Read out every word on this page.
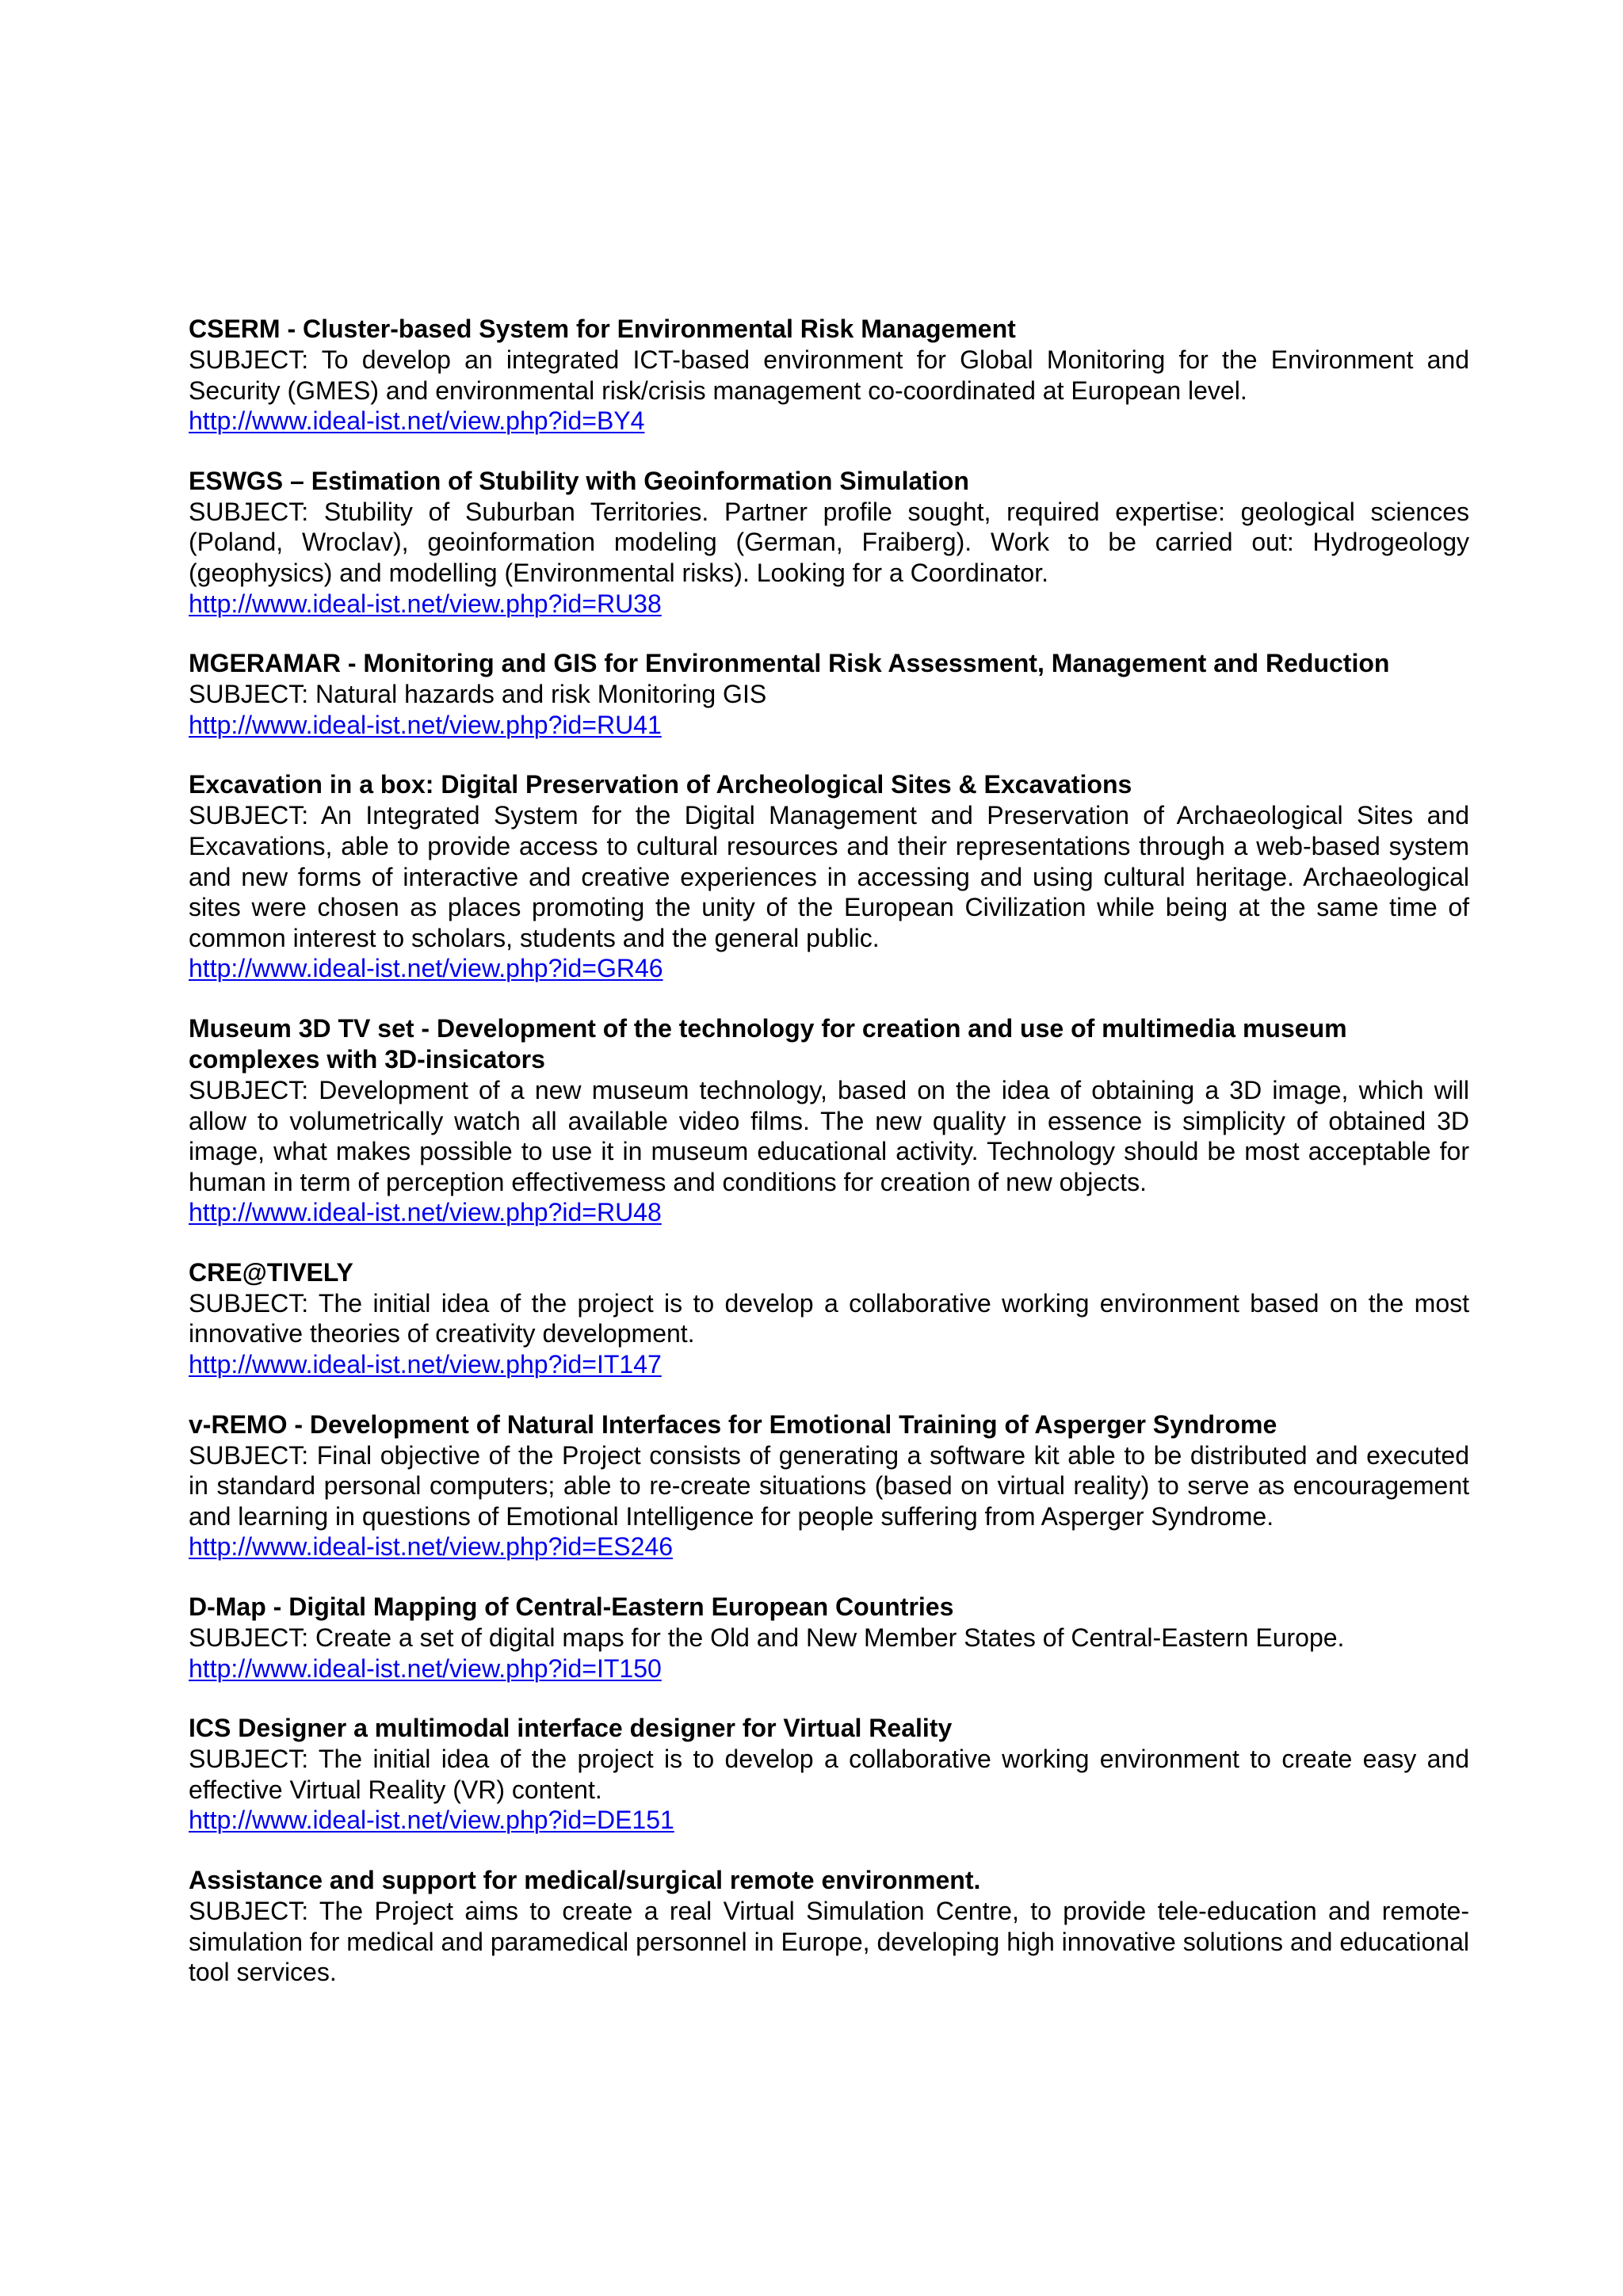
CSERM - Cluster-based System for Environmental Risk Management
SUBJECT: To develop an integrated ICT-based environment for Global Monitoring for the Environment and Security (GMES) and environmental risk/crisis management co-coordinated at European level.
http://www.ideal-ist.net/view.php?id=BY4
ESWGS – Estimation of Stubility with Geoinformation Simulation
SUBJECT: Stubility of Suburban Territories. Partner profile sought, required expertise: geological sciences (Poland, Wroclav), geoinformation modeling (German, Fraiberg). Work to be carried out: Hydrogeology (geophysics) and modelling (Environmental risks). Looking for a Coordinator.
http://www.ideal-ist.net/view.php?id=RU38
MGERAMAR - Monitoring and GIS for Environmental Risk Assessment, Management and Reduction
SUBJECT: Natural hazards and risk Monitoring GIS
http://www.ideal-ist.net/view.php?id=RU41
Excavation in a box: Digital Preservation of Archeological Sites & Excavations
SUBJECT: An Integrated System for the Digital Management and Preservation of Archaeological Sites and Excavations, able to provide access to cultural resources and their representations through a web-based system and new forms of interactive and creative experiences in accessing and using cultural heritage. Archaeological sites were chosen as places promoting the unity of the European Civilization while being at the same time of common interest to scholars, students and the general public.
http://www.ideal-ist.net/view.php?id=GR46
Museum 3D TV set - Development of the technology for creation and use of multimedia museum complexes with 3D-insicators
SUBJECT: Development of a new museum technology, based on the idea of obtaining a 3D image, which will allow to volumetrically watch all available video films. The new quality in essence is simplicity of obtained 3D image, what makes possible to use it in museum educational activity. Technology should be most acceptable for human in term of perception effectivemess and conditions for creation of new objects.
http://www.ideal-ist.net/view.php?id=RU48
CRE@TIVELY
SUBJECT: The initial idea of the project is to develop a collaborative working environment based on the most innovative theories of creativity development.
http://www.ideal-ist.net/view.php?id=IT147
v-REMO - Development of Natural Interfaces for Emotional Training of Asperger Syndrome
SUBJECT: Final objective of the Project consists of generating a software kit able to be distributed and executed in standard personal computers; able to re-create situations (based on virtual reality) to serve as encouragement and learning in questions of Emotional Intelligence for people suffering from Asperger Syndrome.
http://www.ideal-ist.net/view.php?id=ES246
D-Map - Digital Mapping of Central-Eastern European Countries
SUBJECT: Create a set of digital maps for the Old and New Member States of Central-Eastern Europe.
http://www.ideal-ist.net/view.php?id=IT150
ICS Designer a multimodal interface designer for Virtual Reality
SUBJECT: The initial idea of the project is to develop a collaborative working environment to create easy and effective Virtual Reality (VR) content.
http://www.ideal-ist.net/view.php?id=DE151
Assistance and support for medical/surgical remote environment.
SUBJECT: The Project aims to create a real Virtual Simulation Centre, to provide tele-education and remote-simulation for medical and paramedical personnel in Europe, developing high innovative solutions and educational tool services.
